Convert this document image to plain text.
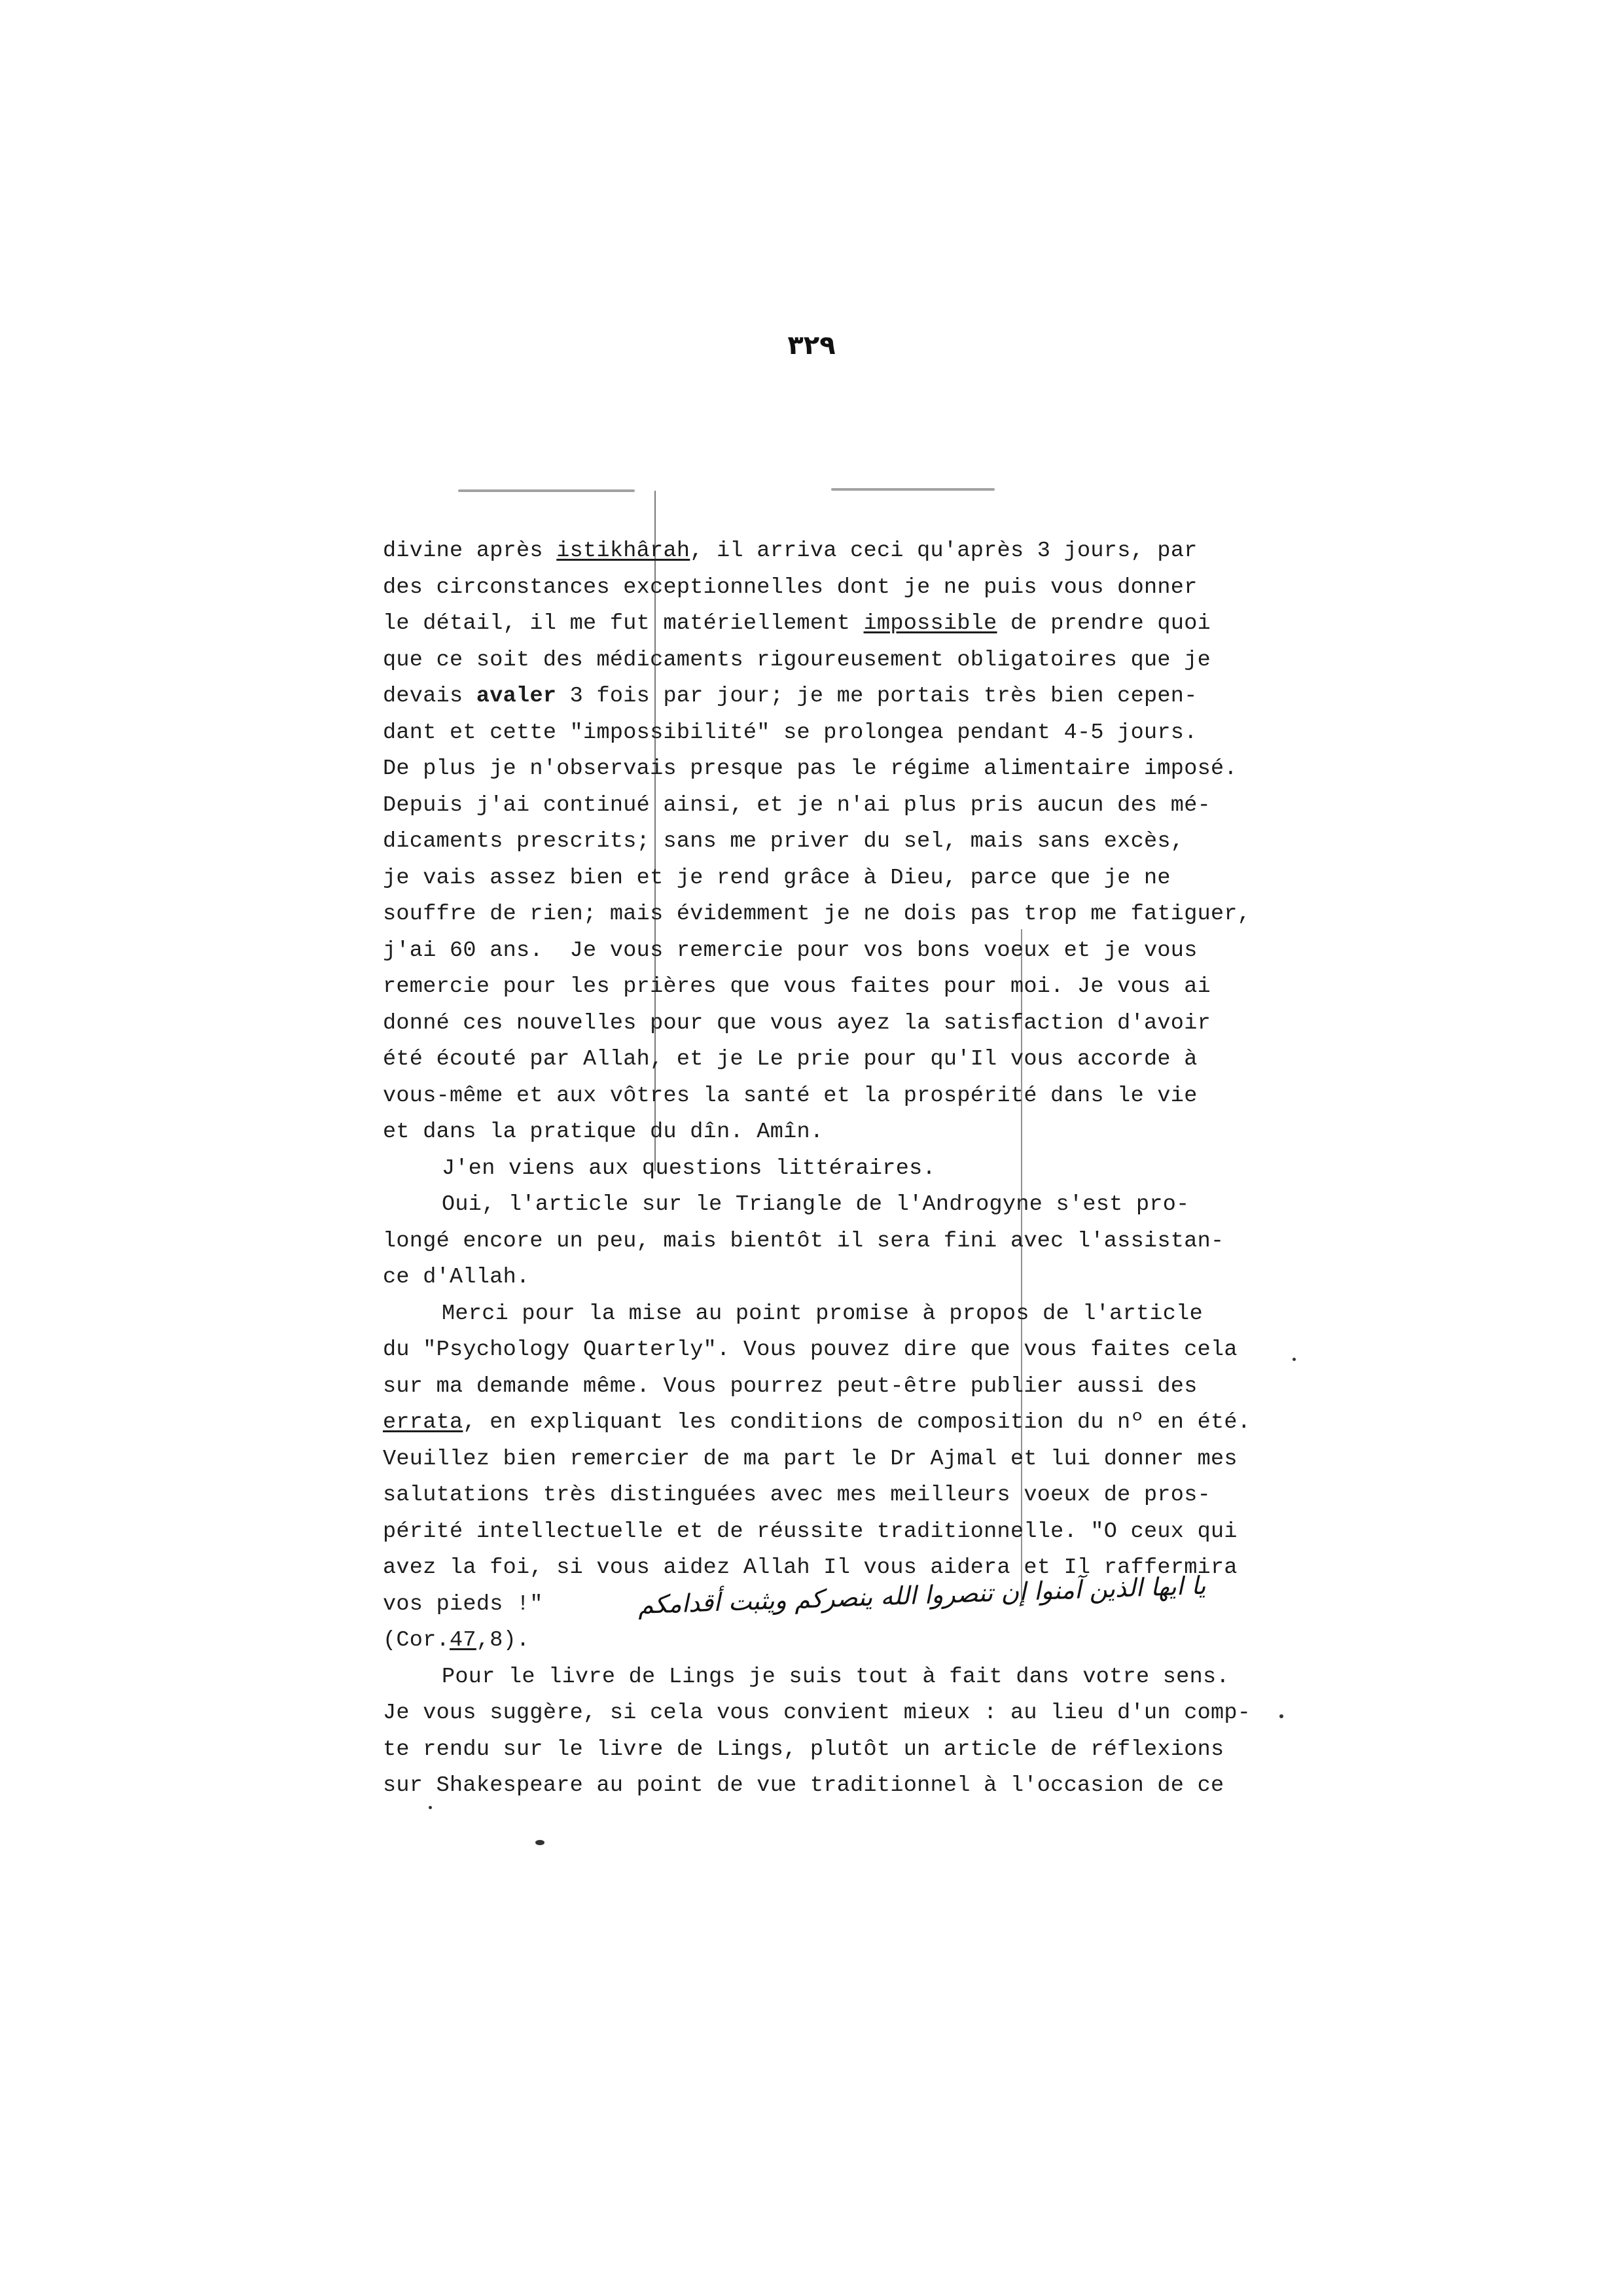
٣٢٩
divine après istikhârah, il arriva ceci qu'après 3 jours, par
des circonstances exceptionnelles dont je ne puis vous donner
le détail, il me fut matériellement impossible de prendre quoi
que ce soit des médicaments rigoureusement obligatoires que je
devais avaler 3 fois par jour; je me portais très bien cepen-
dant et cette "impossibilité" se prolongea pendant 4-5 jours.
De plus je n'observais presque pas le régime alimentaire imposé.
Depuis j'ai continué ainsi, et je n'ai plus pris aucun des mé-
dicaments prescrits; sans me priver du sel, mais sans excès,
je vais assez bien et je rend grâce à Dieu, parce que je ne
souffre de rien; mais évidemment je ne dois pas trop me fatiguer,
j'ai 60 ans.  Je vous remercie pour vos bons voeux et je vous
remercie pour les prières que vous faites pour moi. Je vous ai
donné ces nouvelles pour que vous ayez la satisfaction d'avoir
été écouté par Allah, et je Le prie pour qu'Il vous accorde à
vous-même et aux vôtres la santé et la prospérité dans le vie
et dans la pratique du dîn. Amîn.
J'en viens aux questions littéraires.
Oui, l'article sur le Triangle de l'Androgyne s'est pro-
longé encore un peu, mais bientôt il sera fini avec l'assistan-
ce d'Allah.
Merci pour la mise au point promise à propos de l'article
du "Psychology Quarterly". Vous pouvez dire que vous faites cela
sur ma demande même. Vous pourrez peut-être publier aussi des
errata, en expliquant les conditions de composition du nº en été.
Veuillez bien remercier de ma part le Dr Ajmal et lui donner mes
salutations très distinguées avec mes meilleurs voeux de pros-
périté intellectuelle et de réussite traditionnelle. "O ceux qui
avez la foi, si vous aidez Allah Il vous aidera et Il raffermira
vos pieds !"
(Cor.47,8).
Pour le livre de Lings je suis tout à fait dans votre sens.
Je vous suggère, si cela vous convient mieux : au lieu d'un comp-
te rendu sur le livre de Lings, plutôt un article de réflexions
sur Shakespeare au point de vue traditionnel à l'occasion de ce
يا ايها الذين آمنوا إن تنصروا الله ينصركم ويثبت أقدامكم
